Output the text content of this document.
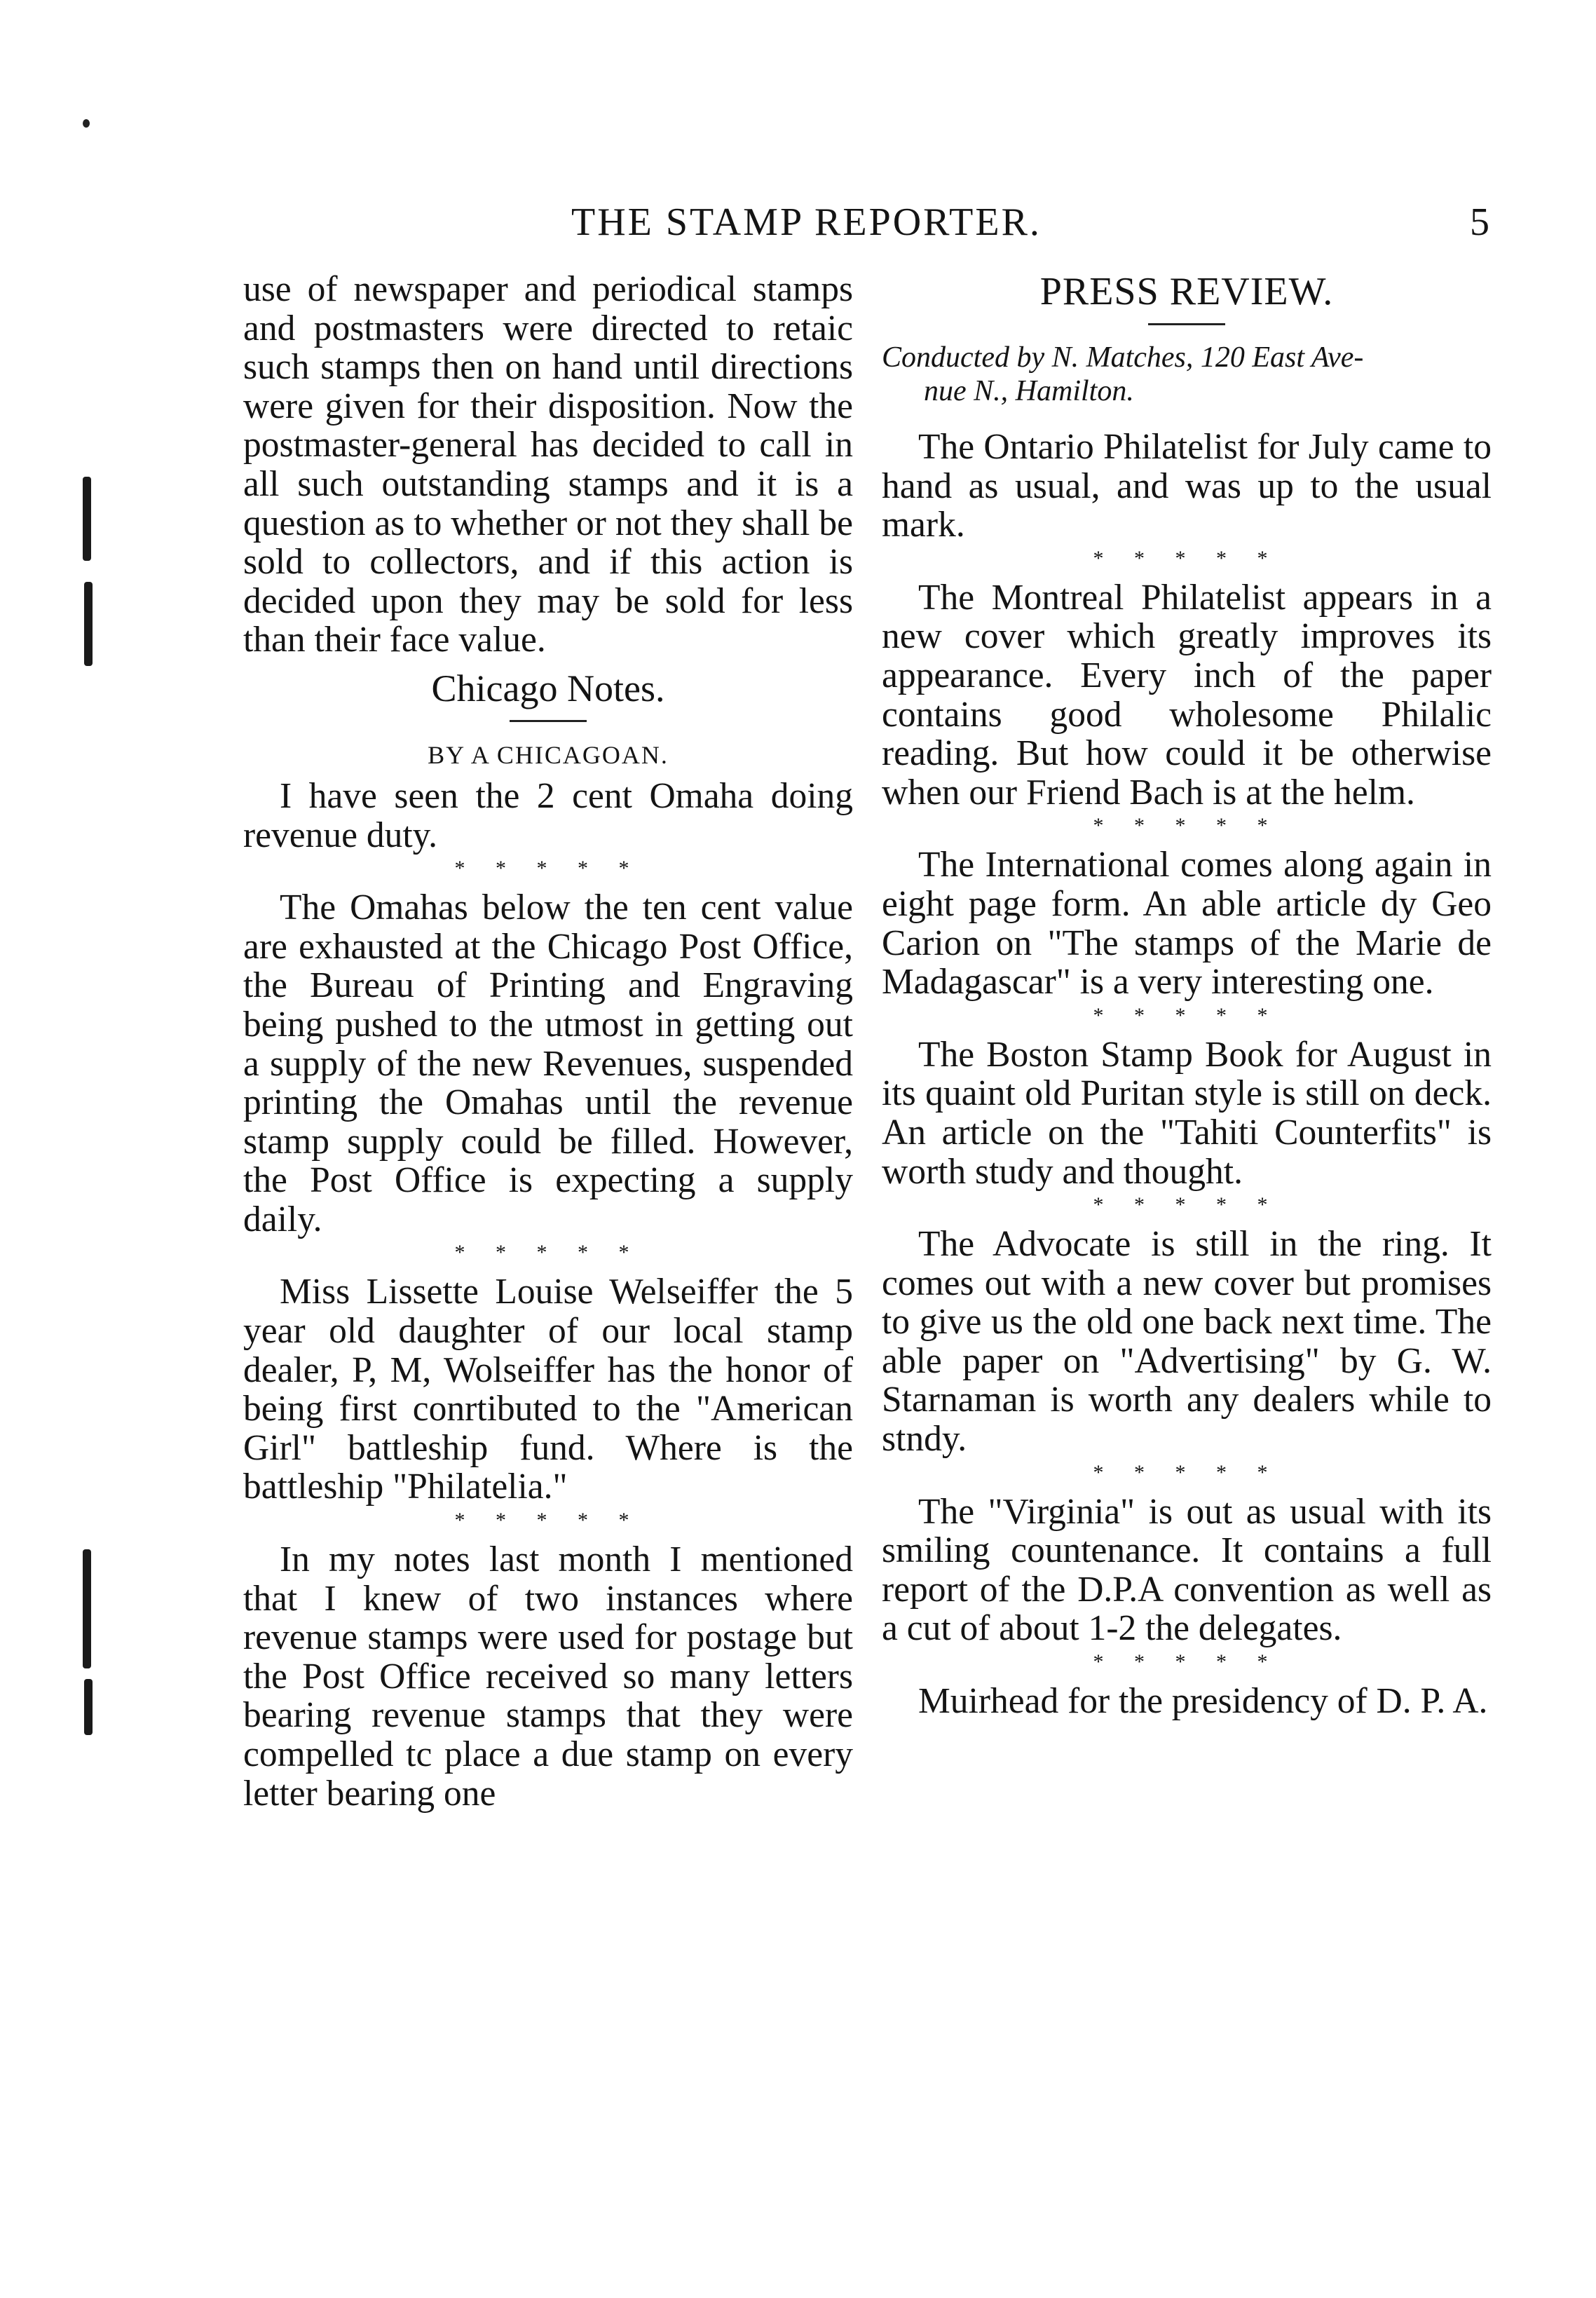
THE STAMP REPORTER.	5

use of newspaper and periodical stamps and postmasters were directed to retaic such stamps then on hand until directions were given for their disposition. Now the postmaster-general has decided to call in all such outstanding stamps and it is a question as to whether or not they shall be sold to collectors, and if this action is decided upon they may be sold for less than their face value.

Chicago Notes.
BY A CHICAGOAN.

I have seen the 2 cent Omaha doing revenue duty.

* * * * *

The Omahas below the ten cent value are exhausted at the Chicago Post Office, the Bureau of Printing and Engraving being pushed to the utmost in getting out a supply of the new Revenues, suspended printing the Omahas until the revenue stamp supply could be filled. However, the Post Office is expecting a supply daily.

* * * * *

Miss Lissette Louise Welseiffer the 5 year old daughter of our local stamp dealer, P, M, Wolseiffer has the honor of being first conrtibuted to the "American Girl" battleship fund. Where is the battleship "Philatelia."

* * * * *

In my notes last month I mentioned that I knew of two instances where revenue stamps were used for postage but the Post Office received so many letters bearing revenue stamps that they were compelled tc place a due stamp on every letter bearing one

PRESS REVIEW.
Conducted by N. Matches, 120 East Ave-
nue N., Hamilton.

The Ontario Philatelist for July came to hand as usual, and was up to the usual mark.

* * * * *

The Montreal Philatelist appears in a new cover which greatly improves its appearance. Every inch of the paper contains good wholesome Philalic reading. But how could it be otherwise when our Friend Bach is at the helm.

* * * * *

The International comes along again in eight page form. An able article dy Geo Carion on "The stamps of the Marie de Madagascar" is a very interesting one.

* * * * *

The Boston Stamp Book for August in its quaint old Puritan style is still on deck. An article on the "Tahiti Counterfits" is worth study and thought.

* * * * *

The Advocate is still in the ring. It comes out with a new cover but promises to give us the old one back next time. The able paper on "Advertising" by G. W. Starnaman is worth any dealers while to stndy.

* * * * *

The "Virginia" is out as usual with its smiling countenance. It contains a full report of the D.P.A convention as well as a cut of about 1-2 the delegates.

* * * * *

Muirhead for the presidency of D. P. A.
